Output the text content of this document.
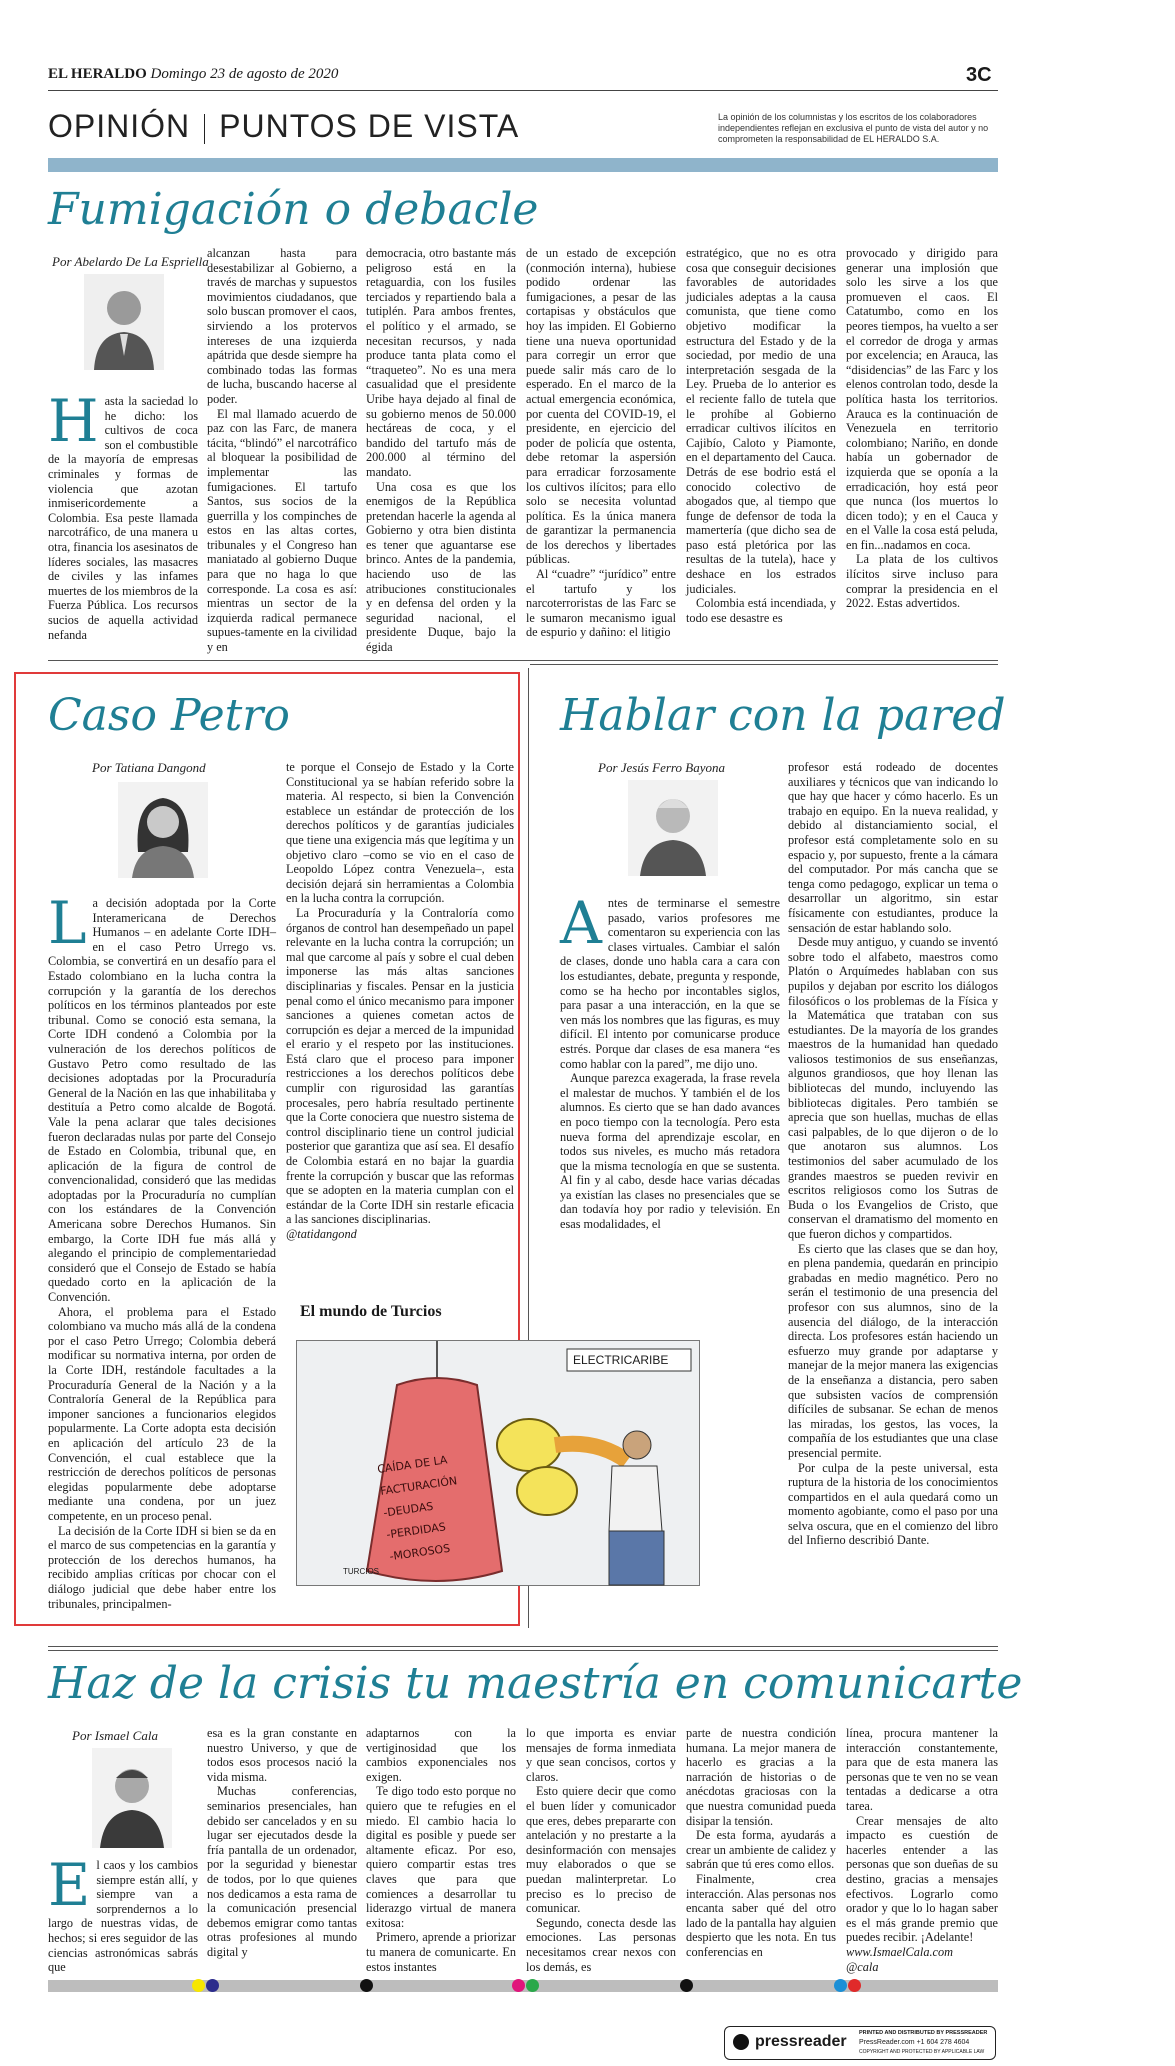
EL HERALDO Domingo 23 de agosto de 2020	3C
OPINIÓN PUNTOS DE VISTA	La opinión de los columnistas y los escritos de los colaboradores independientes reflejan en exclusiva el punto de vista del autor y no comprometen la responsabilidad de EL HERALDO S.A.
Fumigación o debacle
Por Abelardo De La Espriella
H asta la saciedad lo he dicho: los cultivos de coca son el combustible de la mayoría de empresas criminales y formas de violencia que azotan inmisericordemente a Colombia. Esa peste llamada narcotráfico, de una manera u otra, financia los asesinatos de líderes sociales, las masacres de civiles y las infames muertes de los miembros de la Fuerza Pública. Los recursos sucios de aquella actividad nefanda

alcanzan hasta para desestabilizar al Gobierno, a través de marchas y supuestos movimientos ciudadanos, que solo buscan promover el caos, sirviendo a los protervos intereses de una izquierda apátrida que desde siempre ha combinado todas las formas de lucha, buscando hacerse al poder.

El mal llamado acuerdo de paz con las Farc, de manera tácita, “blindó” el narcotráfico al bloquear la posibilidad de implementar las fumigaciones. El tartufo Santos, sus socios de la guerrilla y los compinches de estos en las altas cortes, tribunales y el Congreso han maniatado al gobierno Duque para que no haga lo que corresponde. La cosa es así: mientras un sector de la izquierda radical permanece supues-tamente en la civilidad y en

democracia, otro bastante más peligroso está en la retaguardia, con los fusiles terciados y repartiendo bala a tutiplén. Para ambos frentes, el político y el armado, se necesitan recursos, y nada produce tanta plata como el “traqueteo”. No es una mera casualidad que el presidente Uribe haya dejado al final de su gobierno menos de 50.000 hectáreas de coca, y el bandido del tartufo más de 200.000 al término del mandato.

Una cosa es que los enemigos de la República pretendan hacerle la agenda al Gobierno y otra bien distinta es tener que aguantarse ese brinco. Antes de la pandemia, haciendo uso de las atribuciones constitucionales y en defensa del orden y la seguridad nacional, el presidente Duque, bajo la égida

de un estado de excepción (conmoción interna), hubiese podido ordenar las fumigaciones, a pesar de las cortapisas y obstáculos que hoy las impiden. El Gobierno tiene una nueva oportunidad para corregir un error que puede salir más caro de lo esperado. En el marco de la actual emergencia económica, por cuenta del COVID-19, el presidente, en ejercicio del poder de policía que ostenta, debe retomar la aspersión para erradicar forzosamente los cultivos ilícitos; para ello solo se necesita voluntad política. Es la única manera de garantizar la permanencia de los derechos y libertades públicas.

Al “cuadre” “jurídico” entre el tartufo y los narcoterroristas de las Farc se le sumaron mecanismo igual de espurio y dañino: el litigio

estratégico, que no es otra cosa que conseguir decisiones favorables de autoridades judiciales adeptas a la causa comunista, que tiene como objetivo modificar la estructura del Estado y de la sociedad, por medio de una interpretación sesgada de la Ley. Prueba de lo anterior es el reciente fallo de tutela que le prohíbe al Gobierno erradicar cultivos ilícitos en Cajibío, Caloto y Piamonte, en el departamento del Cauca. Detrás de ese bodrio está el conocido colectivo de abogados que, al tiempo que funge de defensor de toda la mamertería (que dicho sea de paso está pletórica por las resultas de la tutela), hace y deshace en los estrados judiciales.

Colombia está incendiada, y todo ese desastre es

provocado y dirigido para generar una implosión que solo les sirve a los que promueven el caos. El Catatumbo, como en los peores tiempos, ha vuelto a ser el corredor de droga y armas por excelencia; en Arauca, las “disidencias” de las Farc y los elenos controlan todo, desde la política hasta los territorios. Arauca es la continuación de Venezuela en territorio colombiano; Nariño, en donde había un gobernador de izquierda que se oponía a la erradicación, hoy está peor que nunca (los muertos lo dicen todo); y en el Cauca y en el Valle la cosa está peluda, en fin...nadamos en coca.

La plata de los cultivos ilícitos sirve incluso para comprar la presidencia en el 2022. Estas advertidos.

Caso Petro
Por Tatiana Dangond
L a decisión adoptada por la Corte Interamericana de Derechos Humanos – en adelante Corte IDH– en el caso Petro Urrego vs. Colombia, se convertirá en un desafío para el Estado colombiano en la lucha contra la corrupción y la garantía de los derechos políticos en los términos planteados por este tribunal. Como se conoció esta semana, la Corte IDH condenó a Colombia por la vulneración de los derechos políticos de Gustavo Petro como resultado de las decisiones adoptadas por la Procuraduría General de la Nación en las que inhabilitaba y destituía a Petro como alcalde de Bogotá. Vale la pena aclarar que tales decisiones fueron declaradas nulas por parte del Consejo de Estado en Colombia, tribunal que, en aplicación de la figura de control de convencionalidad, consideró que las medidas adoptadas por la Procuraduría no cumplían con los estándares de la Convención Americana sobre Derechos Humanos. Sin embargo, la Corte IDH fue más allá y alegando el principio de complementariedad consideró que el Consejo de Estado se había quedado corto en la aplicación de la Convención.

Ahora, el problema para el Estado colombiano va mucho más allá de la condena por el caso Petro Urrego; Colombia deberá modificar su normativa interna, por orden de la Corte IDH, restándole facultades a la Procuraduría General de la Nación y a la Contraloría General de la República para imponer sanciones a funcionarios elegidos popularmente. La Corte adopta esta decisión en aplicación del artículo 23 de la Convención, el cual establece que la restricción de derechos políticos de personas elegidas popularmente debe adoptarse mediante una condena, por un juez competente, en un proceso penal.

La decisión de la Corte IDH si bien se da en el marco de sus competencias en la garantía y protección de los derechos humanos, ha recibido amplias críticas por chocar con el diálogo judicial que debe haber entre los tribunales, principalmen-

te porque el Consejo de Estado y la Corte Constitucional ya se habían referido sobre la materia. Al respecto, si bien la Convención establece un estándar de protección de los derechos políticos y de garantías judiciales que tiene una exigencia más que legítima y un objetivo claro –como se vio en el caso de Leopoldo López contra Venezuela–, esta decisión dejará sin herramientas a Colombia en la lucha contra la corrupción.

La Procuraduría y la Contraloría como órganos de control han desempeñado un papel relevante en la lucha contra la corrupción; un mal que carcome al país y sobre el cual deben imponerse las más altas sanciones disciplinarias y fiscales. Pensar en la justicia penal como el único mecanismo para imponer sanciones a quienes cometan actos de corrupción es dejar a merced de la impunidad el erario y el respeto por las instituciones. Está claro que el proceso para imponer restricciones a los derechos políticos debe cumplir con rigurosidad las garantías procesales, pero habría resultado pertinente que la Corte conociera que nuestro sistema de control disciplinario tiene un control judicial posterior que garantiza que así sea. El desafío de Colombia estará en no bajar la guardia frente la corrupción y buscar que las reformas que se adopten en la materia cumplan con el estándar de la Corte IDH sin restarle eficacia a las sanciones disciplinarias.

@tatidangond

El mundo de Turcios
ELECTRICARIBE
CAÍDA DE LA
FACTURACIÓN
-DEUDAS
-PERDIDAS
-MOROSOS
TURCIOS
Hablar con la pared
Por Jesús Ferro Bayona
A ntes de terminarse el semestre pasado, varios profesores me comentaron su experiencia con las clases virtuales. Cambiar el salón de clases, donde uno habla cara a cara con los estudiantes, debate, pregunta y responde, como se ha hecho por incontables siglos, para pasar a una interacción, en la que se ven más los nombres que las figuras, es muy difícil. El intento por comunicarse produce estrés. Porque dar clases de esa manera “es como hablar con la pared”, me dijo uno.

Aunque parezca exagerada, la frase revela el malestar de muchos. Y también el de los alumnos. Es cierto que se han dado avances en poco tiempo con la tecnología. Pero esta nueva forma del aprendizaje escolar, en todos sus niveles, es mucho más retadora que la misma tecnología en que se sustenta. Al fin y al cabo, desde hace varias décadas ya existían las clases no presenciales que se dan todavía hoy por radio y televisión. En esas modalidades, el

profesor está rodeado de docentes auxiliares y técnicos que van indicando lo que hay que hacer y cómo hacerlo. Es un trabajo en equipo. En la nueva realidad, y debido al distanciamiento social, el profesor está completamente solo en su espacio y, por supuesto, frente a la cámara del computador. Por más cancha que se tenga como pedagogo, explicar un tema o desarrollar un algoritmo, sin estar físicamente con estudiantes, produce la sensación de estar hablando solo.

Desde muy antiguo, y cuando se inventó sobre todo el alfabeto, maestros como Platón o Arquímedes hablaban con sus pupilos y dejaban por escrito los diálogos filosóficos o los problemas de la Física y la Matemática que trataban con sus estudiantes. De la mayoría de los grandes maestros de la humanidad han quedado valiosos testimonios de sus enseñanzas, algunos grandiosos, que hoy llenan las bibliotecas del mundo, incluyendo las bibliotecas digitales. Pero también se aprecia que son huellas, muchas de ellas casi palpables, de lo que dijeron o de lo que anotaron sus alumnos. Los testimonios del saber acumulado de los grandes maestros se pueden revivir en escritos religiosos como los Sutras de Buda o los Evangelios de Cristo, que conservan el dramatismo del momento en que fueron dichos y compartidos.

Es cierto que las clases que se dan hoy, en plena pandemia, quedarán en principio grabadas en medio magnético. Pero no serán el testimonio de una presencia del profesor con sus alumnos, sino de la ausencia del diálogo, de la interacción directa. Los profesores están haciendo un esfuerzo muy grande por adaptarse y manejar de la mejor manera las exigencias de la enseñanza a distancia, pero saben que subsisten vacíos de comprensión difíciles de subsanar. Se echan de menos las miradas, los gestos, las voces, la compañía de los estudiantes que una clase presencial permite.

Por culpa de la peste universal, esta ruptura de la historia de los conocimientos compartidos en el aula quedará como un momento agobiante, como el paso por una selva oscura, que en el comienzo del libro del Infierno describió Dante.

Haz de la crisis tu maestría en comunicarte
Por Ismael Cala
E l caos y los cambios siempre están allí, y siempre van a sorprendernos a lo largo de nuestras vidas, de hechos; si eres seguidor de las ciencias astronómicas sabrás que

esa es la gran constante en nuestro Universo, y que de todos esos procesos nació la vida misma.

Muchas conferencias, seminarios presenciales, han debido ser cancelados y en su lugar ser ejecutados desde la fría pantalla de un ordenador, por la seguridad y bienestar de todos, por lo que quienes nos dedicamos a esta rama de la comunicación presencial debemos emigrar como tantas otras profesiones al mundo digital y

adaptarnos con la vertiginosidad que los cambios exponenciales nos exigen.

Te digo todo esto porque no quiero que te refugies en el miedo. El cambio hacia lo digital es posible y puede ser altamente eficaz. Por eso, quiero compartir estas tres claves que para que comiences a desarrollar tu liderazgo virtual de manera exitosa:

Primero, aprende a priorizar tu manera de comunicarte. En estos instantes

lo que importa es enviar mensajes de forma inmediata y que sean concisos, cortos y claros.

Esto quiere decir que como el buen líder y comunicador que eres, debes prepararte con antelación y no prestarte a la desinformación con mensajes muy elaborados o que se puedan malinterpretar. Lo preciso es lo preciso de comunicar.

Segundo, conecta desde las emociones. Las personas necesitamos crear nexos con los demás, es

parte de nuestra condición humana. La mejor manera de hacerlo es gracias a la narración de historias o de anécdotas graciosas con la que nuestra comunidad pueda disipar la tensión.

De esta forma, ayudarás a crear un ambiente de calidez y sabrán que tú eres como ellos.

Finalmente, crea interacción. Alas personas nos encanta saber qué del otro lado de la pantalla hay alguien despierto que les nota. En tus conferencias en

línea, procura mantener la interacción constantemente, para que de esta manera las personas que te ven no se vean tentadas a dedicarse a otra tarea.

Crear mensajes de alto impacto es cuestión de hacerles entender a las personas que son dueñas de su destino, gracias a mensajes efectivos. Lograrlo como orador y que lo lo hagan saber es el más grande premio que puedes recibir. ¡Adelante!

www.IsmaelCala.com

@cala

pressreader PRINTED AND DISTRIBUTED BY PRESSREADER
PressReader.com +1 604 278 4604
COPYRIGHT AND PROTECTED BY APPLICABLE LAW
